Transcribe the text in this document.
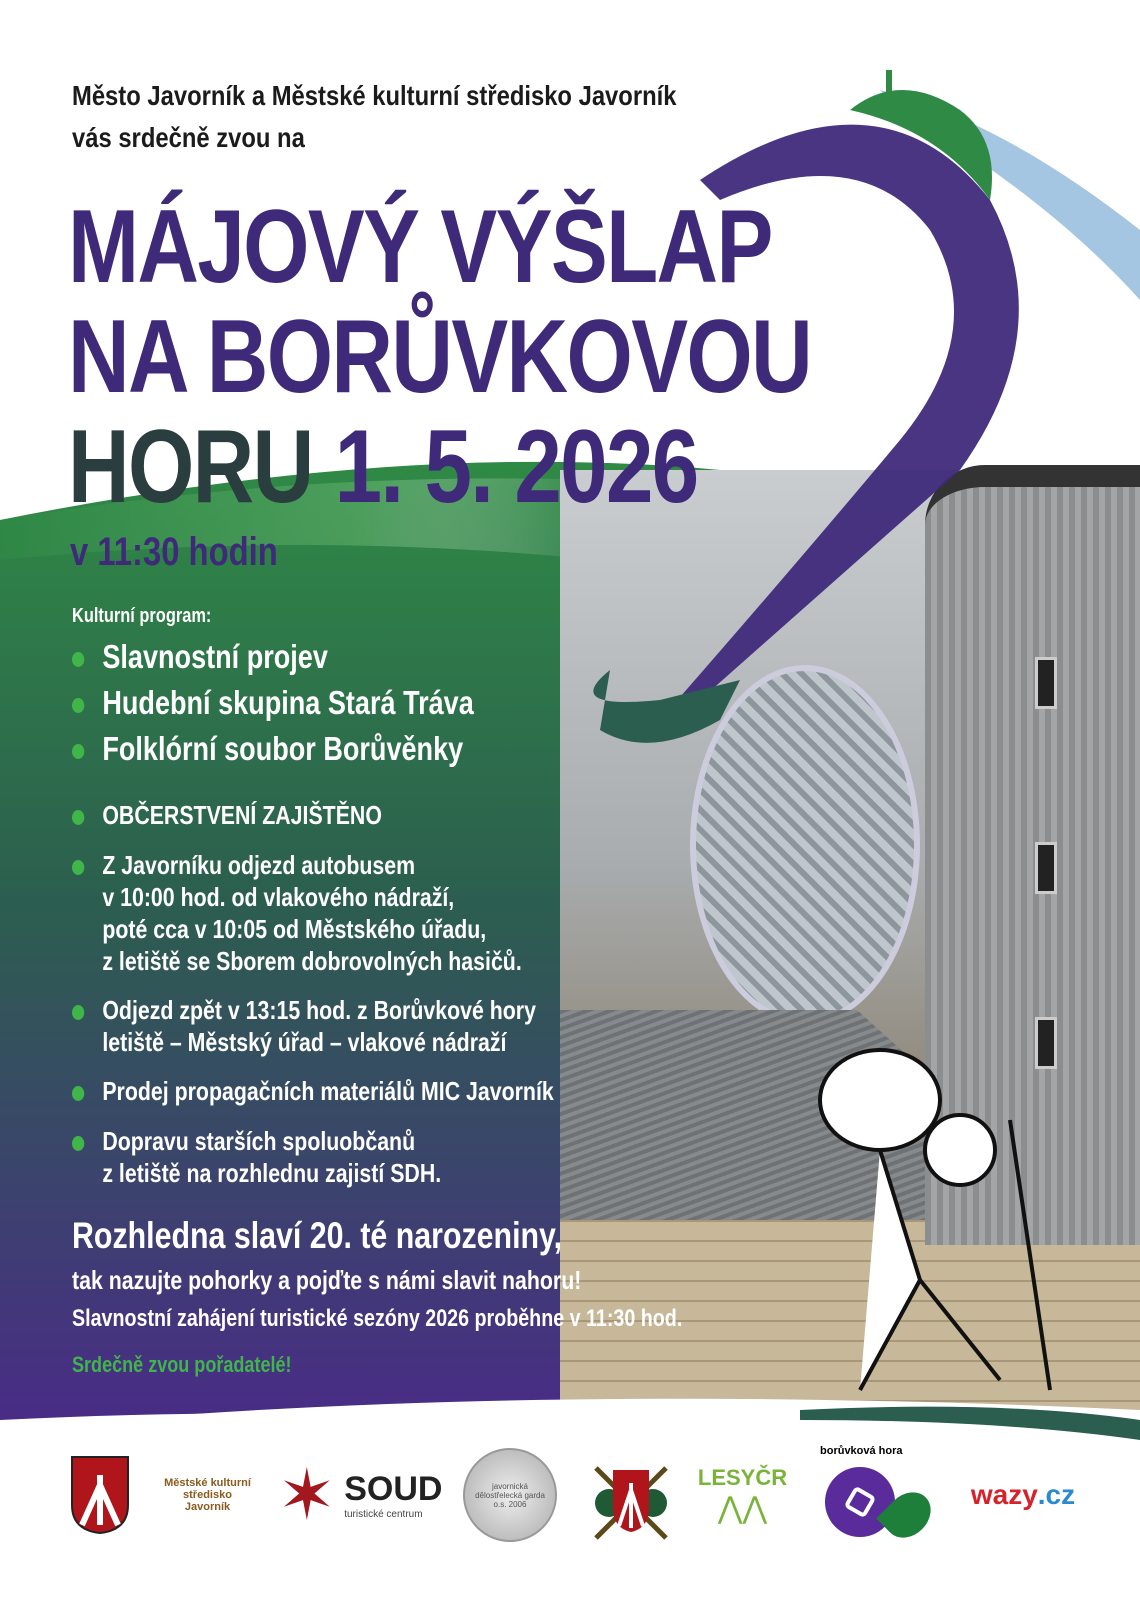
Město Javorník a Městské kulturní středisko Javorník
vás srdečně zvou na
MÁJOVÝ VÝŠLAP
NA BORŮVKOVOU
HORU 1. 5. 2026
v 11:30 hodin
Kulturní program:
Slavnostní projev
Hudební skupina Stará Tráva
Folklórní soubor Borůvěnky
OBČERSTVENÍ ZAJIŠTĚNO
Z Javorníku odjezd autobusem
v 10:00 hod. od vlakového nádraží,
poté cca v 10:05 od Městského úřadu,
z letiště se Sborem dobrovolných hasičů.
Odjezd zpět v 13:15 hod. z Borůvkové hory
letiště – Městský úřad – vlakové nádraží
Prodej propagačních materiálů MIC Javorník
Dopravu starších spoluobčanů
z letiště na rozhlednu zajistí SDH.
Rozhledna slaví 20. té narozeniny,
tak nazujte pohorky a pojďte s námi slavit nahoru!
Slavnostní zahájení turistické sezóny 2026 proběhne v 11:30 hod.
Srdečně zvou pořadatelé!
Městské kulturní středisko Javorník ✶ SOUD
turistické centrum
javornická dělostřelecká garda o.s. 2006
LESYČR
⋀⋀
borůvková hora
wazy .cz
